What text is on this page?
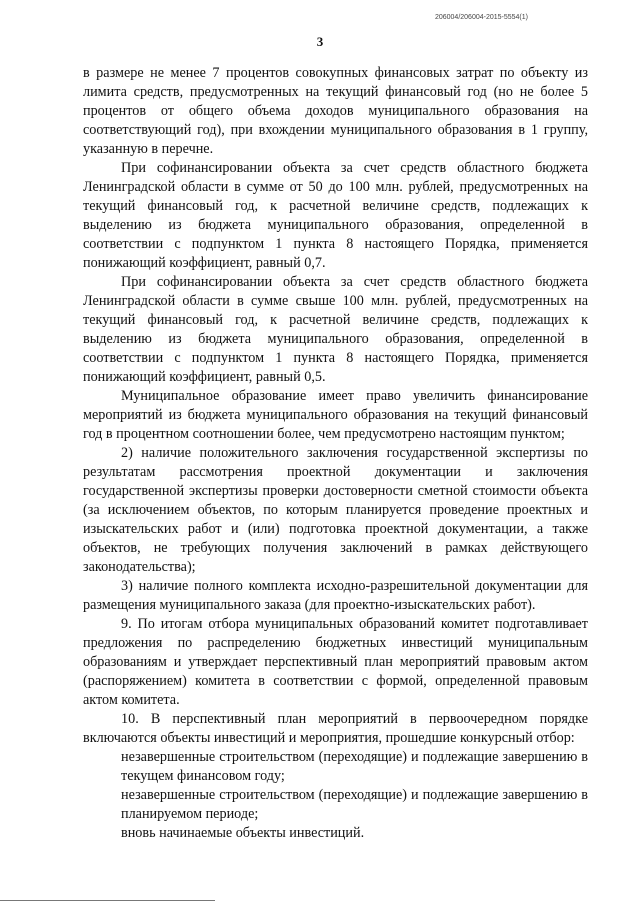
206004/206004-2015-5554(1)
3

в размере не менее 7 процентов совокупных финансовых затрат по объекту из лимита средств, предусмотренных на текущий финансовый год (но не более 5 процентов от общего объема доходов муниципального образования на соответствующий год), при вхождении муниципального образования в 1 группу, указанную в перечне.

При софинансировании объекта за счет средств областного бюджета Ленинградской области в сумме от 50 до 100 млн. рублей, предусмотренных на текущий финансовый год, к расчетной величине средств, подлежащих к выделению из бюджета муниципального образования, определенной в соответствии с подпунктом 1 пункта 8 настоящего Порядка, применяется понижающий коэффициент, равный 0,7.

При софинансировании объекта за счет средств областного бюджета Ленинградской области в сумме свыше 100 млн. рублей, предусмотренных на текущий финансовый год, к расчетной величине средств, подлежащих к выделению из бюджета муниципального образования, определенной в соответствии с подпунктом 1 пункта 8 настоящего Порядка, применяется понижающий коэффициент, равный 0,5.

Муниципальное образование имеет право увеличить финансирование мероприятий из бюджета муниципального образования на текущий финансовый год в процентном соотношении более, чем предусмотрено настоящим пунктом;

2) наличие положительного заключения государственной экспертизы по результатам рассмотрения проектной документации и заключения государственной экспертизы проверки достоверности сметной стоимости объекта (за исключением объектов, по которым планируется проведение проектных и изыскательских работ и (или) подготовка проектной документации, а также объектов, не требующих получения заключений в рамках действующего законодательства);

3) наличие полного комплекта исходно-разрешительной документации для размещения муниципального заказа (для проектно-изыскательских работ).

9. По итогам отбора муниципальных образований комитет подготавливает предложения по распределению бюджетных инвестиций муниципальным образованиям и утверждает перспективный план мероприятий правовым актом (распоряжением) комитета в соответствии с формой, определенной правовым актом комитета.

10. В перспективный план мероприятий в первоочередном порядке включаются объекты инвестиций и мероприятия, прошедшие конкурсный отбор:

незавершенные строительством (переходящие) и подлежащие завершению в текущем финансовом году;

незавершенные строительством (переходящие) и подлежащие завершению в планируемом периоде;

вновь начинаемые объекты инвестиций.
